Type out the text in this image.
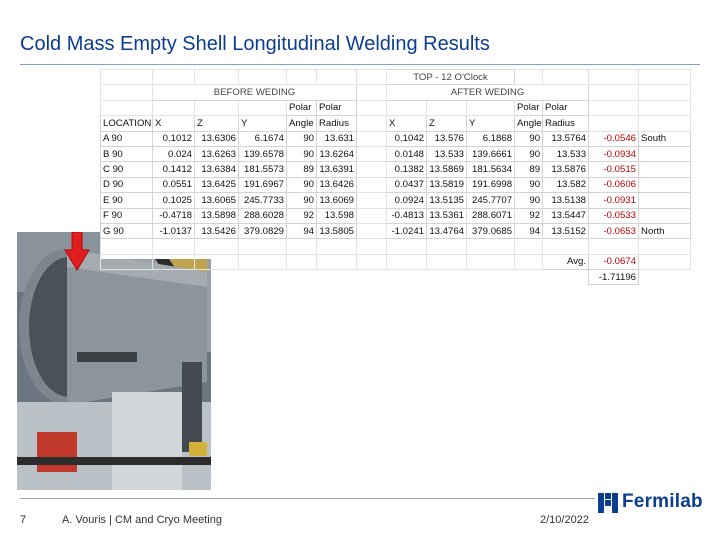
Cold Mass Empty Shell Longitudinal Welding Results
							TOP - 12 O'Clock						
	BEFORE WEDING						AFTER WEDING						
				Polar	Polar					Polar	Polar		
LOCATION	X	Z	Y	Angle	Radius		X	Z	Y	Angle	Radius		
A 90	0.1012	13.6306	6.1674	90	13.631		0.1042	13.576	6.1868	90	13.5764	-0.0546	South
B 90	0.024	13.6263	139.6578	90	13.6264		0.0148	13.533	139.6661	90	13.533	-0.0934	
C 90	0.1412	13.6384	181.5573	89	13.6391		0.1382	13.5869	181.5634	89	13.5876	-0.0515	
D 90	0.0551	13.6425	191.6967	90	13.6426		0.0437	13.5819	191.6998	90	13.582	-0.0606	
E 90	0.1025	13.6065	245.7733	90	13.6069		0.0924	13.5135	245.7707	90	13.5138	-0.0931	
F 90	-0.4718	13.5898	288.6028	92	13.598		-0.4813	13.5361	288.6071	92	13.5447	-0.0533	
G 90	-1.0137	13.5426	379.0829	94	13.5805		-1.0241	13.4764	379.0685	94	13.5152	-0.0653	North

											Avg.	-0.0674	
												-1.71196	
7	A. Vouris | CM and Cryo Meeting	2/10/2022
Fermilab
